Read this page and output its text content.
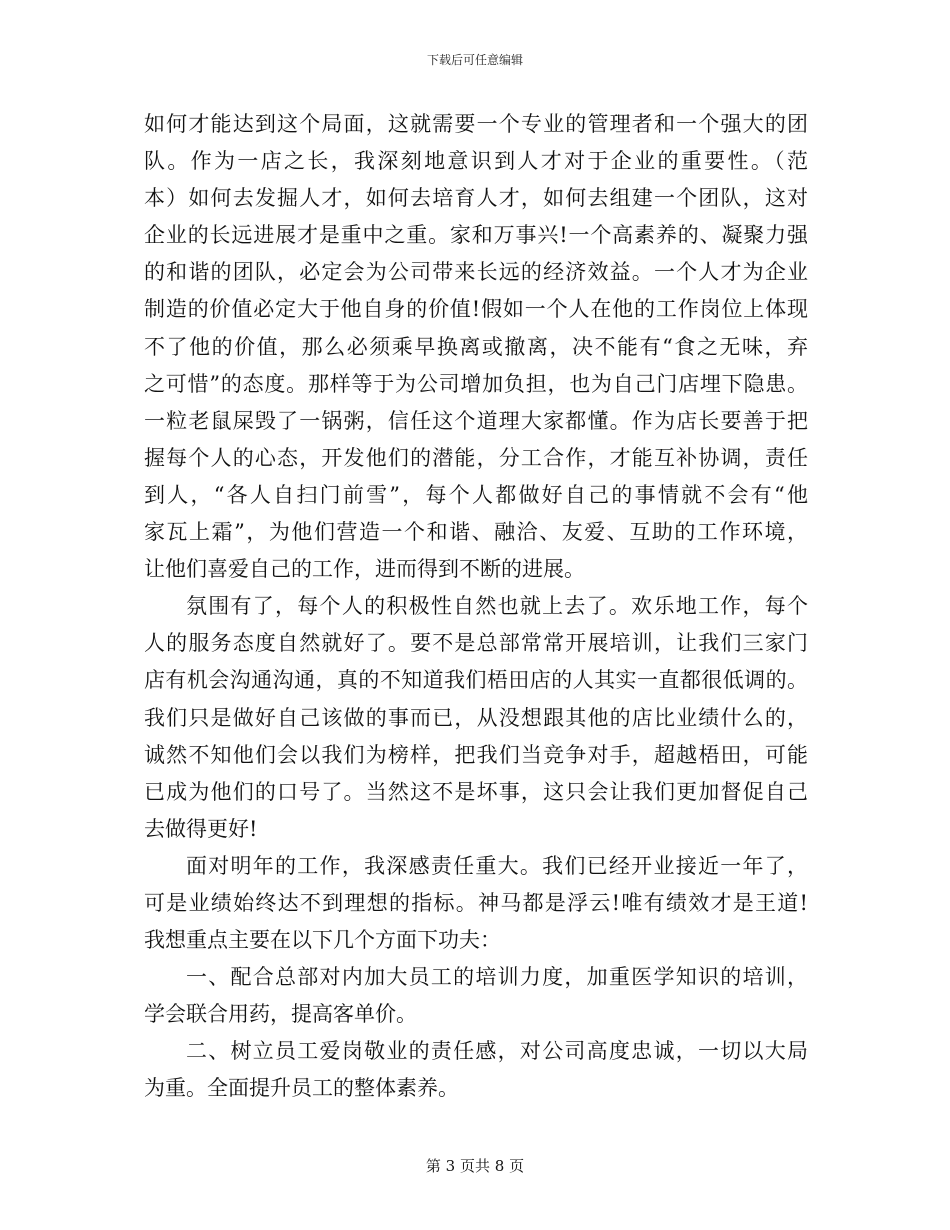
下载后可任意编辑
如何才能达到这个局面，这就需要一个专业的管理者和一个强大的团
队。作为一店之长，我深刻地意识到人才对于企业的重要性。（范
本）如何去发掘人才，如何去培育人才，如何去组建一个团队，这对
企业的长远进展才是重中之重。家和万事兴!一个高素养的、凝聚力强
的和谐的团队，必定会为公司带来长远的经济效益。一个人才为企业
制造的价值必定大于他自身的价值!假如一个人在他的工作岗位上体现
不了他的价值，那么必须乘早换离或撤离，决不能有“食之无味，弃
之可惜”的态度。那样等于为公司增加负担，也为自己门店埋下隐患。
一粒老鼠屎毁了一锅粥，信任这个道理大家都懂。作为店长要善于把
握每个人的心态，开发他们的潜能，分工合作，才能互补协调，责任
到人，“各人自扫门前雪”，每个人都做好自己的事情就不会有“他
家瓦上霜”，为他们营造一个和谐、融洽、友爱、互助的工作环境，
让他们喜爱自己的工作，进而得到不断的进展。
氛围有了，每个人的积极性自然也就上去了。欢乐地工作，每个
人的服务态度自然就好了。要不是总部常常开展培训，让我们三家门
店有机会沟通沟通，真的不知道我们梧田店的人其实一直都很低调的。
我们只是做好自己该做的事而已，从没想跟其他的店比业绩什么的，
诚然不知他们会以我们为榜样，把我们当竞争对手，超越梧田，可能
已成为他们的口号了。当然这不是坏事，这只会让我们更加督促自己
去做得更好!
面对明年的工作，我深感责任重大。我们已经开业接近一年了，
可是业绩始终达不到理想的指标。神马都是浮云!唯有绩效才是王道!
我想重点主要在以下几个方面下功夫：
一、配合总部对内加大员工的培训力度，加重医学知识的培训，
学会联合用药，提高客单价。
二、树立员工爱岗敬业的责任感，对公司高度忠诚，一切以大局
为重。全面提升员工的整体素养。
第 3 页共 8 页
